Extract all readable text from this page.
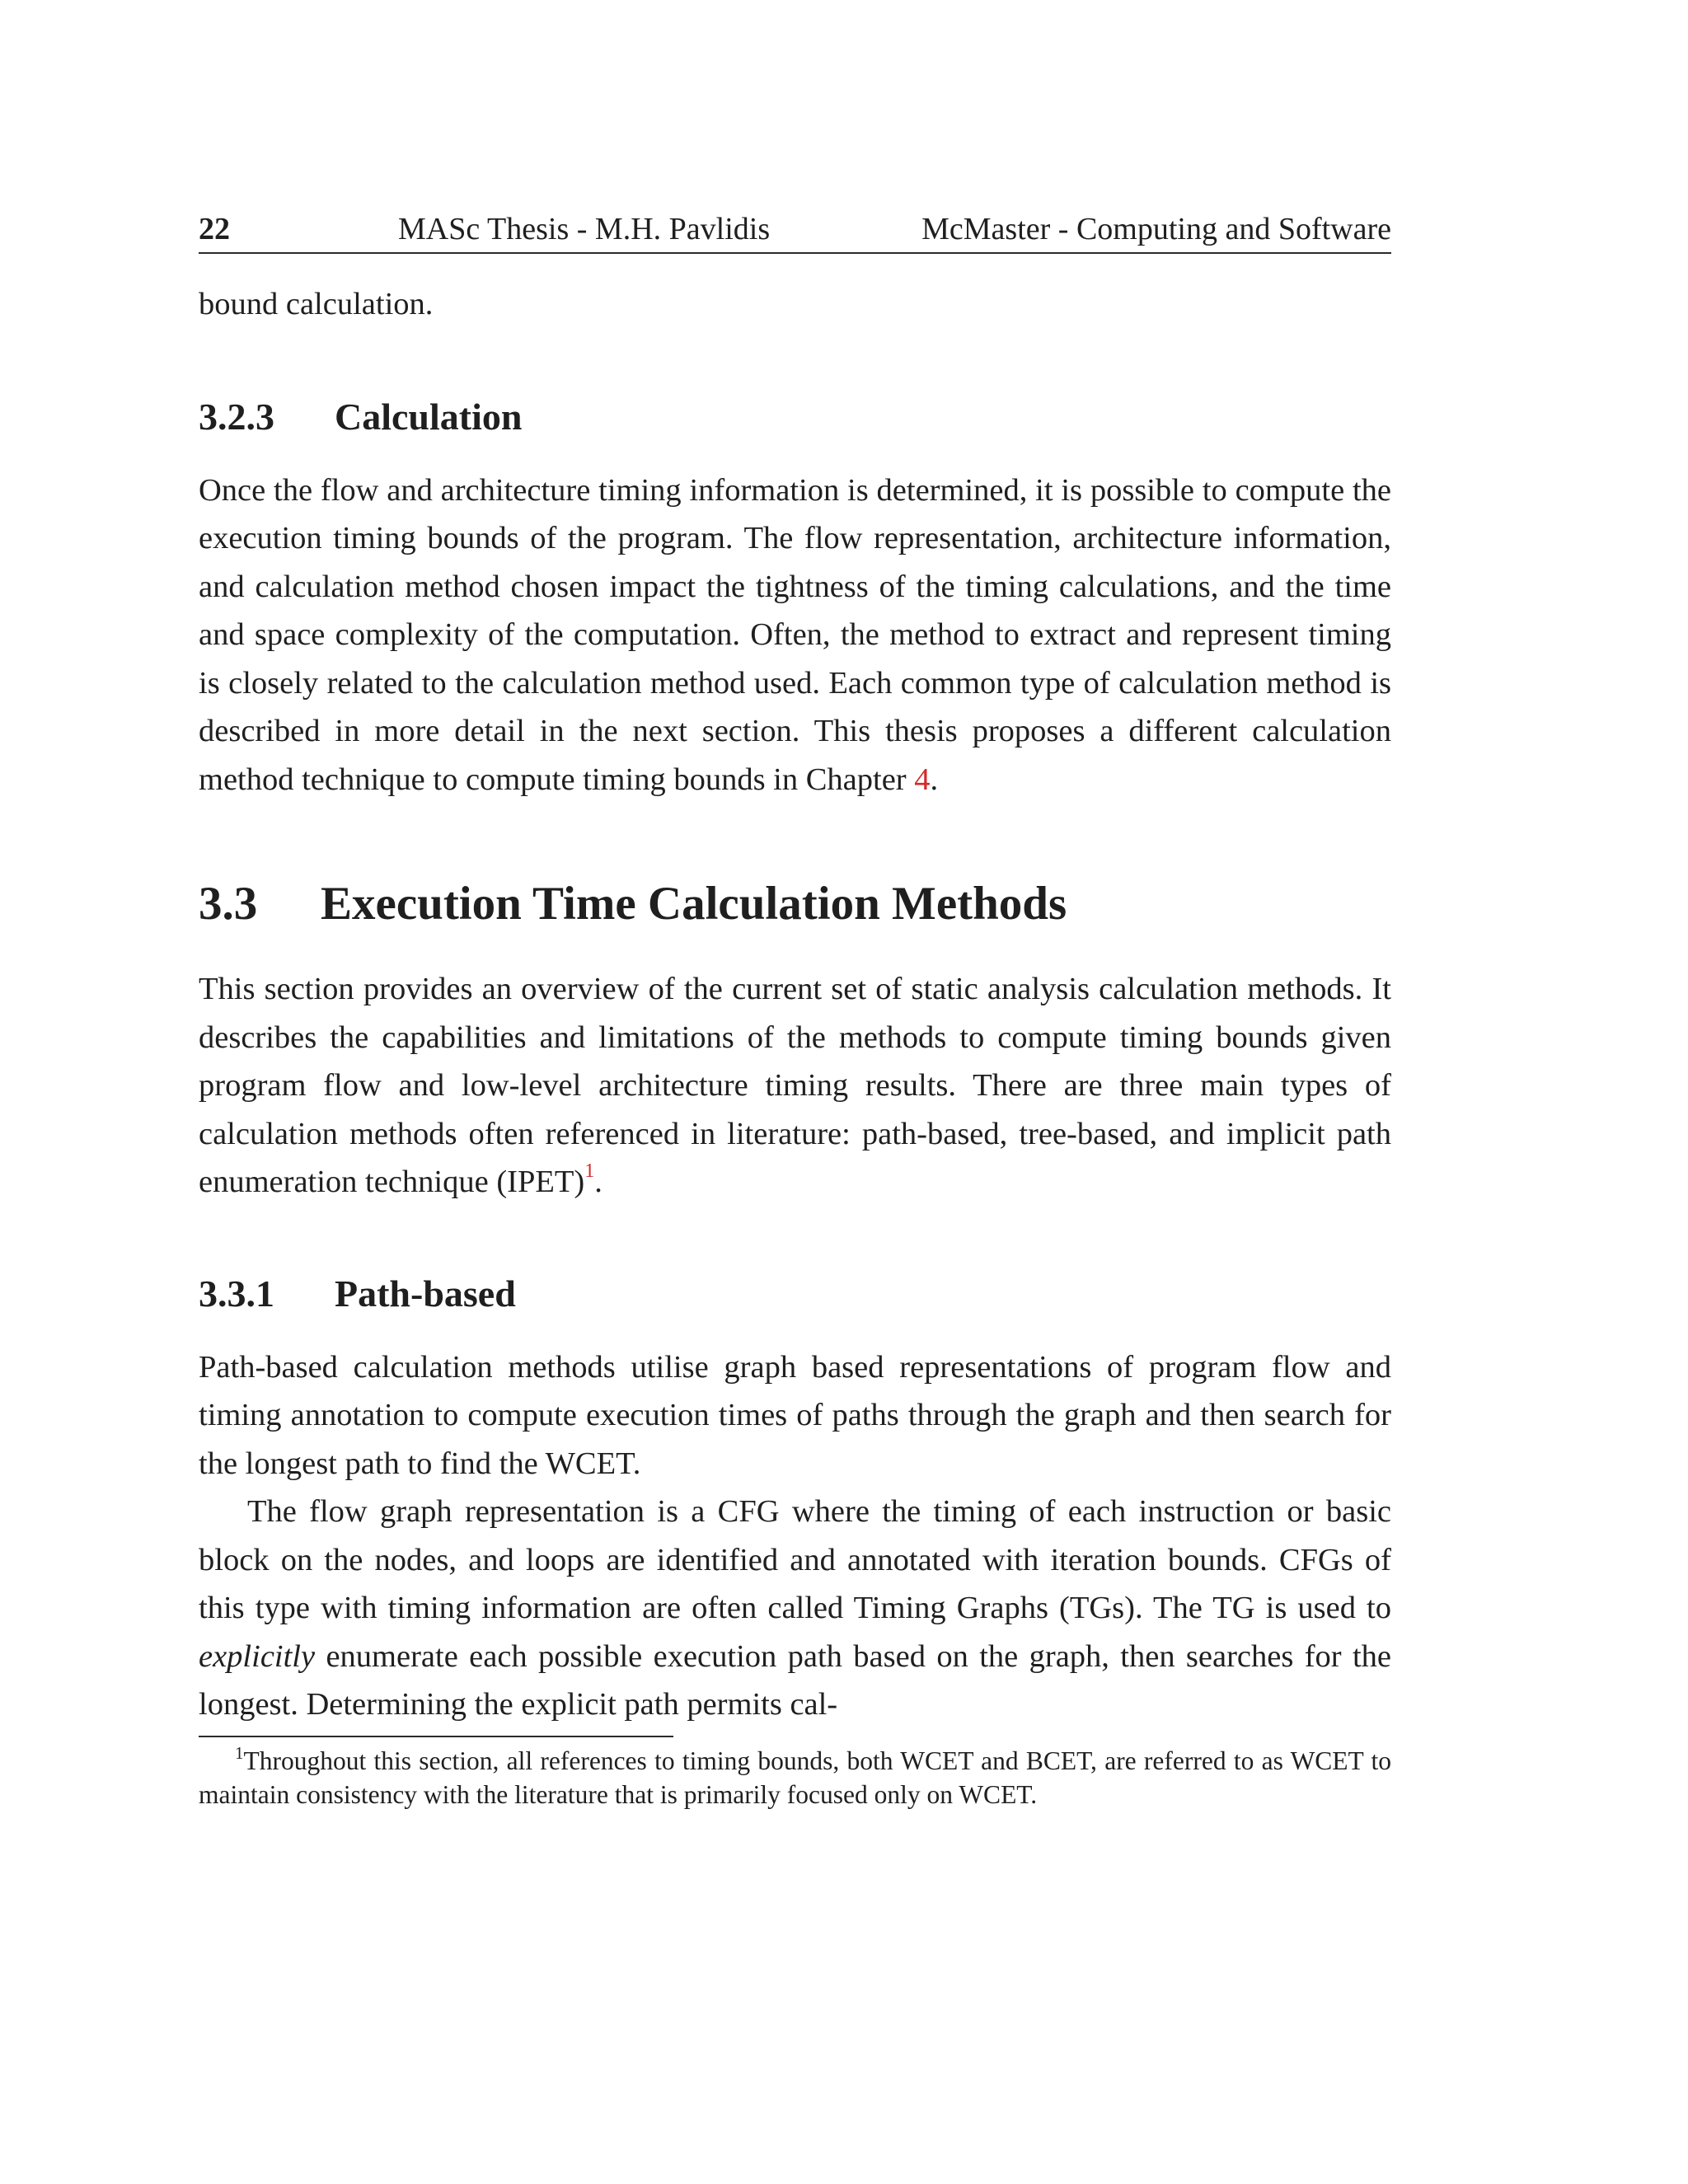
22	MASc Thesis - M.H. Pavlidis	McMaster - Computing and Software

bound calculation.

3.2.3 Calculation

Once the flow and architecture timing information is determined, it is possible to compute the execution timing bounds of the program. The flow representation, architecture information, and calculation method chosen impact the tightness of the timing calculations, and the time and space complexity of the computation. Often, the method to extract and represent timing is closely related to the calculation method used. Each common type of calculation method is described in more detail in the next section. This thesis proposes a different calculation method technique to compute timing bounds in Chapter 4.

3.3 Execution Time Calculation Methods

This section provides an overview of the current set of static analysis calculation methods. It describes the capabilities and limitations of the methods to compute timing bounds given program flow and low-level architecture timing results. There are three main types of calculation methods often referenced in literature: path-based, tree-based, and implicit path enumeration technique (IPET)$^1$.

3.3.1 Path-based

Path-based calculation methods utilise graph based representations of program flow and timing annotation to compute execution times of paths through the graph and then search for the longest path to find the WCET.

The flow graph representation is a CFG where the timing of each instruction or basic block on the nodes, and loops are identified and annotated with iteration bounds. CFGs of this type with timing information are often called Timing Graphs (TGs). The TG is used to explicitly enumerate each possible execution path based on the graph, then searches for the longest. Determining the explicit path permits cal-

$^1$Throughout this section, all references to timing bounds, both WCET and BCET, are referred to as WCET to maintain consistency with the literature that is primarily focused only on WCET.
